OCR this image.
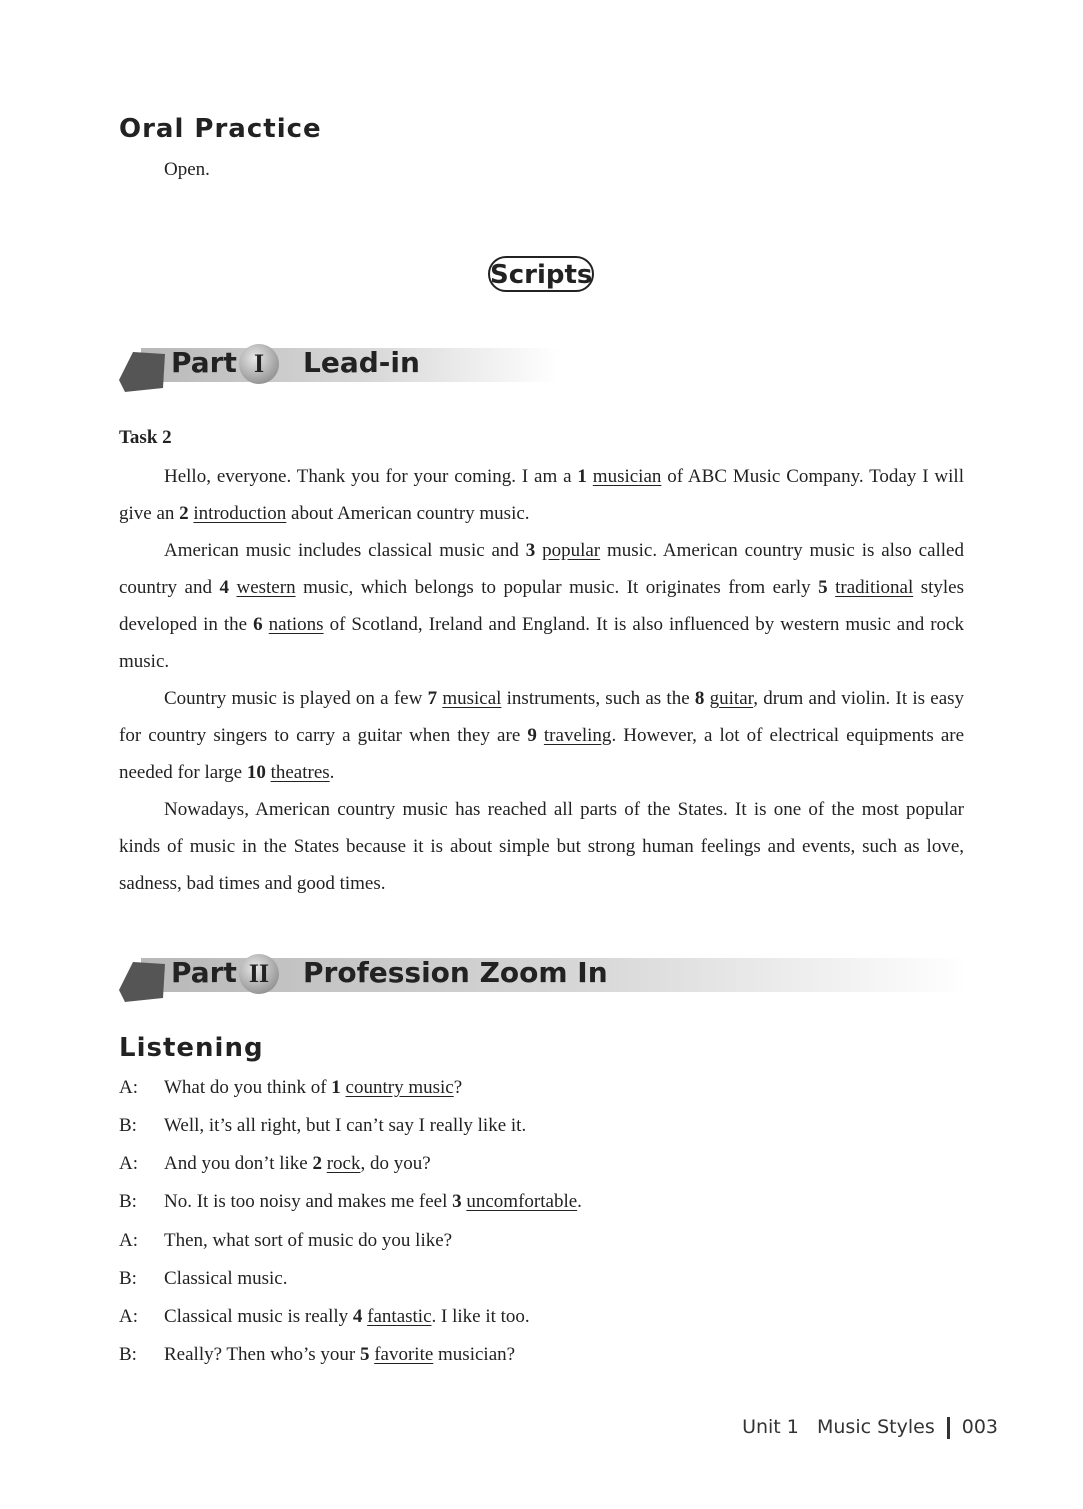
Oral Practice
Open.
Scripts
Part I	Lead-in
Task 2

Hello, everyone. Thank you for your coming. I am a 1 musician of ABC Music Company. Today I will give an 2 introduction about American country music.

American music includes classical music and 3 popular music. American country music is also called country and 4 western music, which belongs to popular music. It originates from early 5 traditional styles developed in the 6 nations of Scotland, Ireland and England. It is also influenced by western music and rock music.

Country music is played on a few 7 musical instruments, such as the 8 guitar, drum and violin. It is easy for country singers to carry a guitar when they are 9 traveling. However, a lot of electrical equipments are needed for large 10 theatres.

Nowadays, American country music has reached all parts of the States. It is one of the most popular kinds of music in the States because it is about simple but strong human feelings and events, such as love, sadness, bad times and good times.

Part II	Profession Zoom In
Listening
A: What do you think of 1 country music?
B: Well, it’s all right, but I can’t say I really like it.
A: And you don’t like 2 rock, do you?
B: No. It is too noisy and makes me feel 3 uncomfortable.
A: Then, what sort of music do you like?
B: Classical music.
A: Classical music is really 4 fantastic. I like it too.
B: Really? Then who’s your 5 favorite musician?
Unit 1 Music Styles 003
